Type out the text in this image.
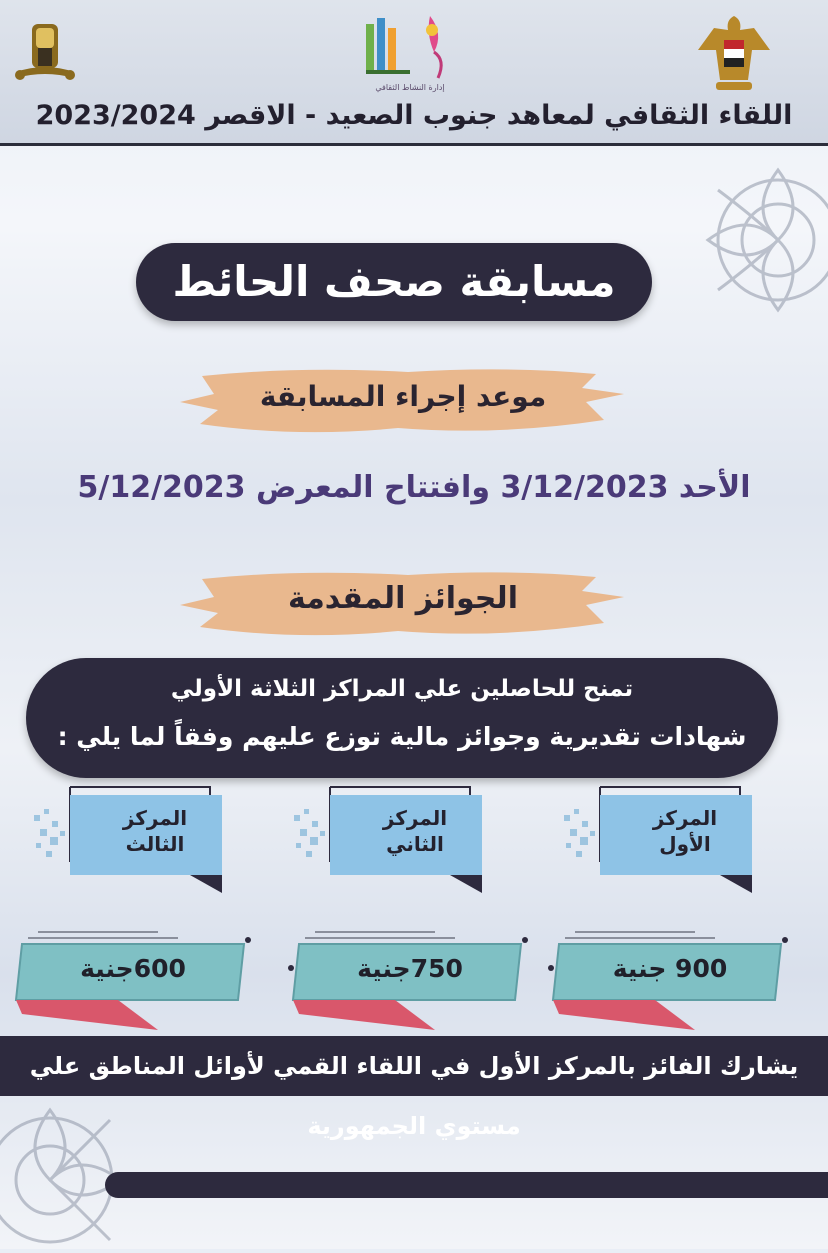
إدارة النشاط الثقافي
اللقاء الثقافي لمعاهد جنوب الصعيد - الاقصر 2023/2024
مسابقة صحف الحائط
موعد إجراء المسابقة
الأحد 3/12/2023 وافتتاح المعرض 5/12/2023
الجوائز المقدمة
تمنح للحاصلين علي المراكز الثلاثة الأولي
شهادات تقديرية وجوائز مالية توزع عليهم وفقاً لما يلي :
المركز
الأول
المركز
الثاني
المركز
الثالث
900 جنية
750جنية
600جنية
يشارك الفائز بالمركز الأول في اللقاء القمي لأوائل المناطق علي مستوي الجمهورية
